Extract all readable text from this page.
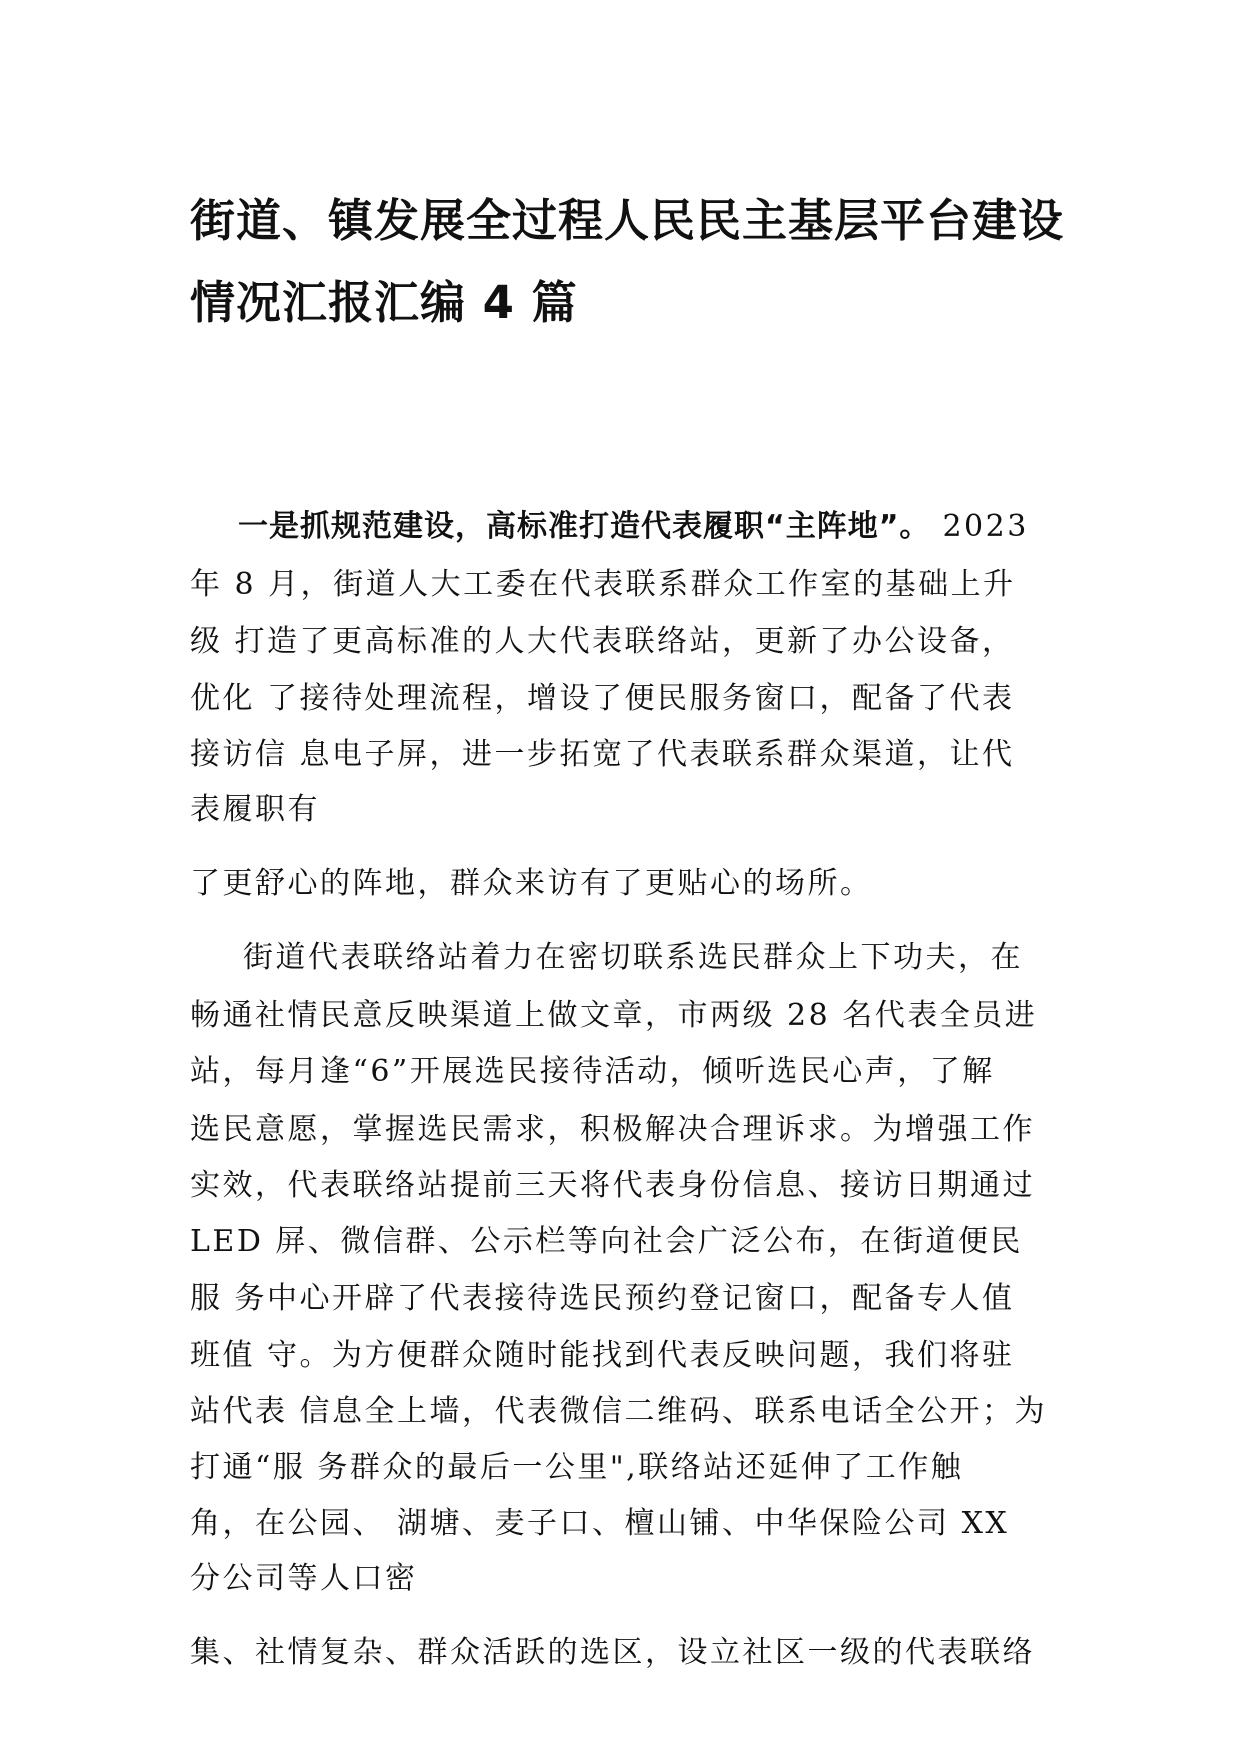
街道、镇发展全过程人民民主基层平台建设
情况汇报汇编 4 篇
一是抓规范建设，高标准打造代表履职“主阵地”。 2023
年 8 月，街道人大工委在代表联系群众工作室的基础上升
级 打造了更高标准的人大代表联络站，更新了办公设备，
优化 了接待处理流程，增设了便民服务窗口，配备了代表
接访信 息电子屏，进一步拓宽了代表联系群众渠道，让代
表履职有
了更舒心的阵地，群众来访有了更贴心的场所。
街道代表联络站着力在密切联系选民群众上下功夫，在
畅通社情民意反映渠道上做文章，市两级 28 名代表全员进
站，每月逢“6”开展选民接待活动，倾听选民心声，了解
选民意愿，掌握选民需求，积极解决合理诉求。为增强工作
实效，代表联络站提前三天将代表身份信息、接访日期通过
LED 屏、微信群、公示栏等向社会广泛公布，在街道便民
服 务中心开辟了代表接待选民预约登记窗口，配备专人值
班值 守。为方便群众随时能找到代表反映问题，我们将驻
站代表 信息全上墙，代表微信二维码、联系电话全公开；为
打通“服 务群众的最后一公里",联络站还延伸了工作触
角，在公园、 湖塘、麦子口、檀山铺、中华保险公司 XX
分公司等人口密
集、社情复杂、群众活跃的选区，设立社区一级的代表联络
